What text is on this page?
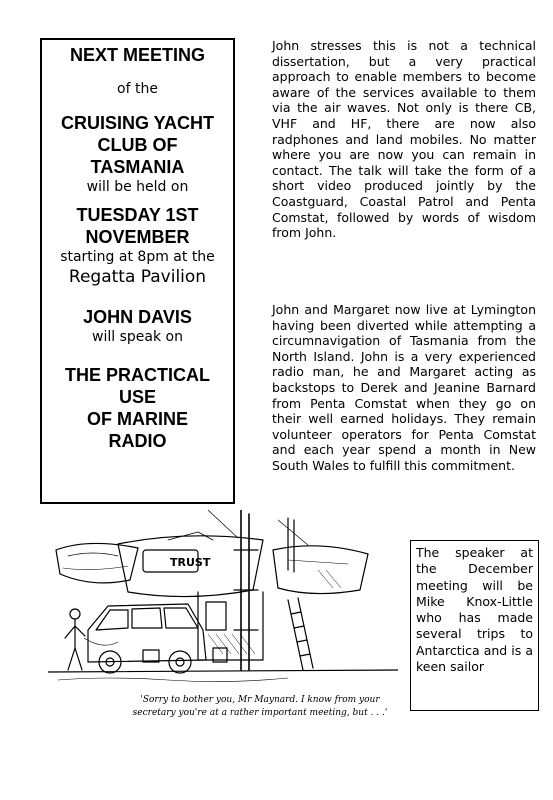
NEXT MEETING

of the

CRUISING YACHT

CLUB OF

TASMANIA

will be held on

TUESDAY 1ST

NOVEMBER

starting at 8pm at the

Regatta Pavilion

JOHN DAVIS

will speak on

THE PRACTICAL

USE

OF MARINE

RADIO

John stresses this is not a technical dissertation, but a very practical approach to enable members to become aware of the services available to them via the air waves. Not only is there CB, VHF and HF, there are now also radphones and land mobiles. No matter where you are now you can remain in contact. The talk will take the form of a short video produced jointly by the Coastguard, Coastal Patrol and Penta Comstat, followed by words of wisdom from John.

John and Margaret now live at Lymington having been diverted while attempting a circumnavigation of Tasmania from the North Island. John is a very experienced radio man, he and Margaret acting as backstops to Derek and Jeanine Barnard from Penta Comstat when they go on their well earned holidays. They remain volunteer operators for Penta Comstat and each year spend a month in New South Wales to fulfill this commitment.

TRUST
'Sorry to bother you, Mr Maynard. I know from your
secretary you're at a rather important meeting, but . . .'
The speaker at the December meeting will be Mike Knox-Little who has made several trips to Antarctica and is a keen sailor
